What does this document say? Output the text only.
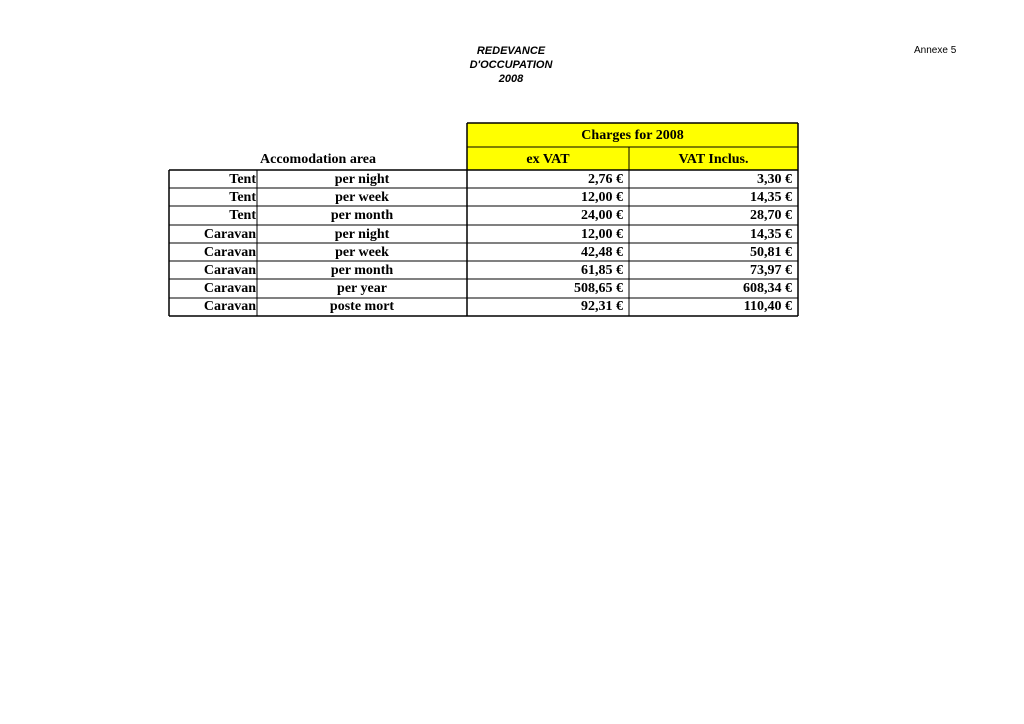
REDEVANCE
D'OCCUPATION
2008
Annexe 5
Charges for 2008
Accomodation area	ex VAT	VAT Inclus.
Tent	per night	2,76 €	3,30 €
Tent	per week	12,00 €	14,35 €
Tent	per month	24,00 €	28,70 €
Caravan	per night	12,00 €	14,35 €
Caravan	per week	42,48 €	50,81 €
Caravan	per month	61,85 €	73,97 €
Caravan	per year	508,65 €	608,34 €
Caravan	poste mort	92,31 €	110,40 €
